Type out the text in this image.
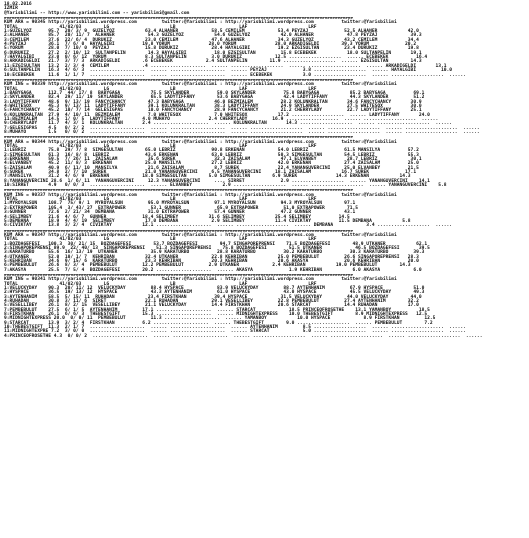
18.02.2016
IZMIR
@Yarisbilimi -- http://www.yarisbilimi.com -- yarisbilimi@gmail.com
########################################################################################################################################
KUM ARA = 90345 http://yarisbilimi.wordpress.com         twitter:@Yarisbilimi : http://yarisbilimi.wordpress.com          twitter:@Yarisbilimi
TOTAL               41/02/03        LG                      LB                       LAF                      LRF
1:GUZELYOZ      95.7  20/ 3/ 9  GUZELYOZ           63.4 ALHANER            58.5 CEMILEM            53.4 PEYZAJ             52.5 ALHANER           42.0
2:ALHANER       85.7  20/ 11/ 7  ALHANER            54.3 GUZELYOZ           54.6 GUZELYOZ           42.0 ALHANER            47.8 PEYZAJ            39.3
3:CEMILEM       37.6  22/ 6/ 4  DURUKIZ            23.0 CEMILEM            47.6 ALHANER            34.3 GUZELYOZ           43.2 CEMILEM           34.4
4:PEYZAJ        36.1  7/ 6/ 0  HAYALGIBI          19.8 YORUM              28.0 YORUM              28.0 ARKADIGELDI        39.3 YORUM             20.2
5:YORUM         28.0  7/ 10/ 0  PEYZAJ             15.8 DURUKIZ            28.4 HAYALGIBI          19.2 EZGISULTAN         23.4 DURUKIZ           19.8
6:DURUKIZ       27.2  2/ 10/ 12  SULTANPELIN        14.3 HAYALGIBI          18.0 EZGISULTAN         15.8 ECEBEKEK           18.0 SULTANPELIN       19.1
7:HAYALGIBI     23.0  0/ 6/ 12  YORUM              8.3 SULTANPELIN         3.0 DURUKIZ            12.5 ...................  ...... ECEBEKEK          16.4
8:ARKADIGELDI   21.7  3/ 7/ 3  ARKADIGELDI        .6 ECEBEKEK            2.4 SULTANPELIN        11.9 ...................  ...... EZGISULTAN        14.3
11:EZGISULTAN   13.2  2/ 3/ 4  CEMILEM            .4 ....................  ...... ...................  ...... ...................  ...... ARKADIGELDI       13.1
6:SULTANPELIN   16.3  4/ 6/ 3  ....................  ...... ....................  ...... PEYZAJ             3.8 ...................  ...... HAYALGIBI         10.0
10:ECEBEKEK     11.6  1/ 1/ 7  ....................  ...... ....................  ...... ECEBEKEK           3.0 ...................  ...... ...................  ......
########################################################################################################################################
KUM ING = 90339 http://yarisbilimi.wordpress.com         twitter:@Yarisbilimi : http://yarisbilimi.wordpress.com          twitter:@Yarisbilimi
TOTAL               41/02/03        LG                      LB                       LAF                      LRF
1:BABYGAGA      112.7  44/ 17/ 8  BABYGAGA           75.5 SKYLANDER          59.0 SKYLANDER          75.8 BABYGAGA           85.2 BABYGAGA          69.1
2:SKYLANDER     82.4  29/ 11/ 19  SKYLANDER          65.5 LADYTIFFANY        53.6 BABYGAGA           42.4 LADYTIFFANY        44.3 SKYLANDER         51.2
3:LADYTIFFANY   48.6  9/ 13/ 19  FANCYCHANCY        47.3 BABYGAGA           46.0 BEZMIALEM          28.2 KOLUNKRALTAN       34.6 FANCYCHANCY       30.9
4:WHITESOX      45.3  9/ 13/ 11  LADYTIFFANY        39.1 KOLUNKRALTAN       38.3 LADYTIFFANY        24.9 SKYLANDER          27.5 WHITESOX          30.0
5:FANCYCHANCY   45.2  10/ 7/ 14  GELESIGPAS         10.0 FANCYCHANCY        28.9 FANCYCHANCY        21.2 CHERRYLADY         22.7 LADYTIFFANY       25.1
6:KOLUNKRALTAN  27.9  4/ 10/ 11  BEZMIALEM          7.0 WHITESOX            7.0 WHITESOX           17.2 ...................  ...... LADYTIFFANY       24.0
11:BEZMIALEM    14.5  1/ 0/ 5  LADYTIFFANY        4.0 MUHAYO              2.4 CHERRYLADY         16.9 ...................  ...... ...................  ......
9:CHERRYLADY    11.7  4/ 3/ 1  KOLUNKRALTAN       2.4 ....................  ...... KOLUNKRALTAN       14.3 ...................  ...... ...................  ......
7:GELESIGPAS    4.5   0/ 2/ 2  ....................  ...... ....................  ...... ...................  ...... ...................  ...... ...................  ......
8:MUHAYO        1.5   0/ 0/ 2  ....................  ...... ....................  ...... ...................  ...... ...................  ...... ...................  ......
########################################################################################################################################
KUM ARA = 90344 http://yarisbilimi.wordpress.com         twitter:@Yarisbilimi : http://yarisbilimi.wordpress.com          twitter:@Yarisbilimi
TOTAL               41/02/03        LG                      LB                       LAF                      LRF
1:LEBRIZ        75.8  29/ 7/ 8  SIMGESULTAN        65.0 LEBRIZ             90.8 ERKENAN            54.0 LEBRIZ             61.5 MANSILYA          57.2
2:SIMGESULTAN   61.3  16/ 8/ 8  LEBRIZ             43.6 ERKENAN            63.0 LEBRIZ             50.3 SIMGESULTAN        54.5 LEBRIZ            55.3
3:ERKENAN       59.5  7/ 26/ 11  ZAISALAM           35.6 SUREK              32.3 ZAISALAM           47.1 ELVANBEY           28.7 LEBRIZ            30.1
4:ELVANBEY      45.2  11/ 8/ 3  ERKENAN            25.0 MANSILYA           27.2 LEBRIZ             42.0 ERKENAN            27.4 ZAISALAM          25.0
5:ZAISALAM      40.9  6/ 11/ 10  MANSILYA           21.6 ZAISALAM           8.7 SUREK              22.4 YANANGUVERCINI     25.0 ELVANBEY          21.5
6:SUREK         34.8  2/ 7/ 10  SUREK              21.0 YANANGUVERCINI     6.5 YANANGUVERCINI     18.1 ZAISALAM           16.7 SUREK             17.1
7:MANSILYA      31.2  4/ 6/ 9  ERKENAN            18.0 SIMGESULTAN        5.0 SIMGESULTAN        6.9 SUREK              14.3 ERKENAN           14.3
8:YANANGUVERCINI 28.6  1/ 6/ 11  YANANGUVERCINI     12.3 YANANGUVERCINI     .... SIRRET             2.9 ...................  ...... YANANGUVERCINI    14.1
10:SIRRET       4.9   0/ 0/ 3  ....................  ...... ELVANBEY           2.9 ...................  ...... ...................  ...... YANANGUVERCINI    5.8
########################################################################################################################################
KUM ING = 90337 http://yarisbilimi.wordpress.com         twitter:@Yarisbilimi : http://yarisbilimi.wordpress.com          twitter:@Yarisbilimi
TOTAL               41/02/03        LG                      LB                       LAF                      LRF
1:MYROYALSUN    108.7  75/ 9/ 1  MYROYALSUN         95.0 MYROYALSUN         97.1 MYROYALSUN         94.3 MYROYALSUN        97.1
2:EXTRAPOWER    105.4  3/ 43/ 27  EXTRAPOWER         53.1 GUNNER             65.9 EXTRAPOWER         51.0 EXTRAPOWER        71.5
3:GUNNER        72.6  2/ 21/ 34  DEMBANA            31.0 EXTRAPOWER         57.4 GUNNER             47.2 GUNNER            43.1
4:SELIMBEY      21.6  4/ 6/ 7  GUNNER             18.4 SELIMBEY           31.6 SELIMBEY           25.4 SELIMBEY          14.5
5:DEMBANA       18.9  4/ 4/ 19  SELIMBEY           17.0 DEMBANA            2.9 SELIMBEY           11.4 CIVIKTAY          11.5 DEMBANA           5.8
6:CIVIKTAY      13.8  3/ 2/ 4  CIVIKTAY           12.1 ....................  ...... ...................  ...... DEMBANA            3.4 ...................  ......
########################################################################################################################################
KUM ARA = 90347 http://yarisbilimi.wordpress.com         twitter:@Yarisbilimi : http://yarisbilimi.wordpress.com          twitter:@Yarisbilimi
TOTAL               41/02/03        LG                      LB                       LAF                      LRF
1:BOZDAGEFESI   100.3  30/ 21/ 15  BOZDAGEFESI        53.7 BOZDAGEFESI        94.7 SINGAPOREPRENSI    71.5 BOZDAGEFESI        48.9 UTKANER           62.1
2:SINGAPOREPRENSI 89.9  22/ 40/ 13  SINGAPOREPRENSI    51.3 SINGAPOREPRENSI    75.8 BOZDAGEFESI        51.5 UTKANER            46.5 BOZDAGEFESI       39.5
3:KARATURBO     55.6  16/ 13/ 19  UTKANER            35.9 KARATURBO          28.8 KARATURBO          30.2 KARATURBO          30.3 KARATURBO         39.3
4:UTKANER       52.0  10/ 1/ 7  KEHRIBAN           32.4 UTKANER            22.8 KEHRIBAN           25.0 PEMBEBULUT         26.6 SINGAPOREPRENSI   28.3
5:KEHRIBAN      34.6  9/ 15/ 6  KARATURBO          23.3 KEHRIBAN           20.3 KEHRIBAN           20.6 AKASYA             20.6 KEHRIBAN          20.0
6:PEMBEBULUT    26.6  8/ 3/ 4  PEMBEBULUT         12.2 PEMBEBULUT         2.9 UTKANER            2.4 KEHRIBAN           19.0 PEMBEBULUT        14.3
7:AKASYA        25.5  7/ 5/ 4  BOZDAGEFESI        20.2 ....................  ...... AKASYA             1.9 KEHRIBAN           6.0 AKASYA            6.0
########################################################################################################################################
KUM ING = 90341 http://yarisbilimi.wordpress.com         twitter:@Yarisbilimi : http://yarisbilimi.wordpress.com          twitter:@Yarisbilimi
TOTAL               41/02/03        LG                      LB                       LAF                      LRF
1:VELUCKYDAY    90.3  20/ 11/ 12  VELUCKYDAY         88.4 HYSPACE            83.9 VELUCKYDAY         88.7 AYTENHANIM         67.9 HYSPACE           51.0
2:HYSPACE       36.5  19/ 13/ 12  HYSPACE            43.3 AYTENHANIM         61.0 HYSPACE            43.0 HYSPACE            45.5 VELUCKYDAY        49.3
3:AYTENHANIM    58.5  5/ 15/ 11  RUHADAN            23.4 FIRSTKHAN          39.4 HYSPACE            31.5 VELUCKYDAY         44.0 VELUCKYDAY        44.0
4:RUHADAN       30.8  3/ 11/ 6  SIRET              22.1 RUHADAN            29.1 VESELLIBEY         22.8 PEMBEBULUT         27.4 AYTENHANIM        32.2
5:VESELLIBEY    26.1  8/ 2/ 15  VESELLIBEY         21.1 VELUCKYDAY         14.4 FIRSTKHAN          20.6 STARCAT            14.4 RUHADAN           17.0
7:PEMBEBULUT    27.5  6/ 1/ 5  AYTENHANIM         17.1 ....................  ...... STARCAT            18.5 PRINCEOFROSETHE    13.1 YAMANBOY          18.5
8:FIRSTKHAN     26.1  6/ 6/ 3  THEBESTGIFT        15.3 ....................  ...... MIDNIGHTEXPRESS    10.0 THEBESTGIFT        8.9 MIDNIGHTEXPRESS   12.5
9:MIDNIGHTEXPRESS 20.0  0/ 0/ 11  PEMBEBULUT         11.3 ....................  ...... YAMANBOY           10.0 HYSPACE            8.9 FIRSTKHAN         12.5
9:STARCAT       13.9  3/ 2/ 4  FIRSTKHAN          6.2 ....................  ...... THEBESTGIFT        9.0 ...................  ...... PEMBEBULUT        7.2
10:THEBESTGIFT  11.3  2/ 1/ 7  ....................  ...... ....................  ...... AYTENHANIM         8.5 ...................  ...... ...................  ......
11:MIDNIGHTEXPRE 7.2  3/ 0/ 0  ....................  ...... ....................  ...... STARCAT            5.0 ...................  ...... ...................  ......
4:PRINCEOFROSETHE 4.3  0/ 0/ 2  ....................  ...... ....................  ...... ...................  ...... ...................  ...... ...................  ......
